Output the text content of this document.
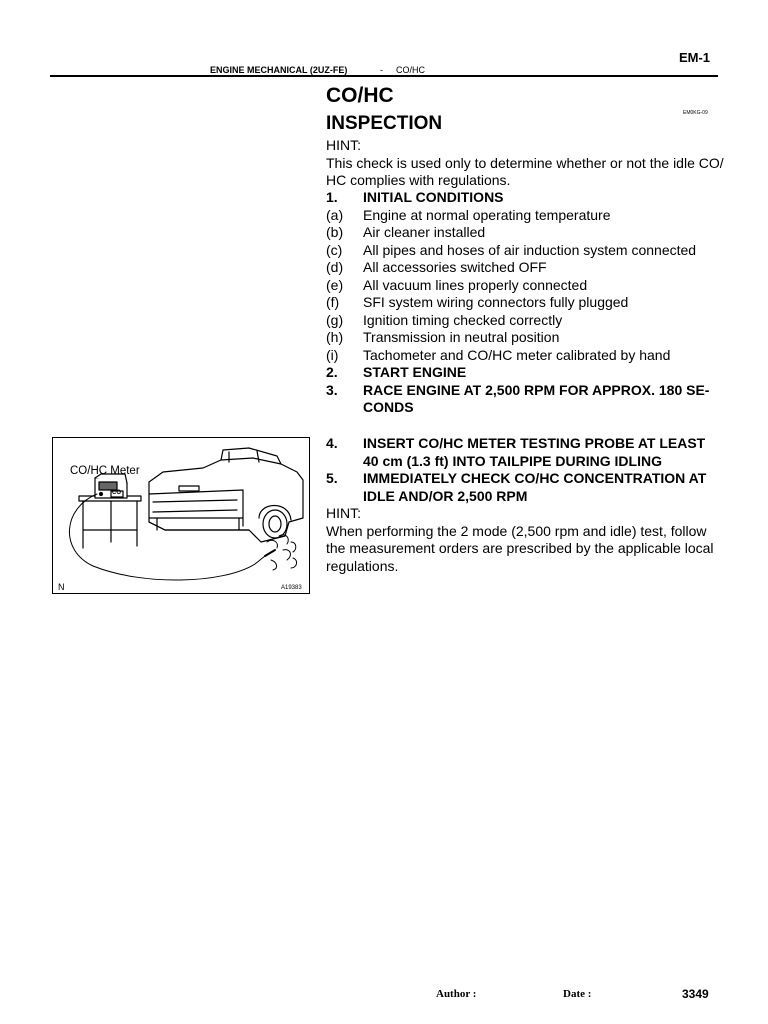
EM-1
ENGINE MECHANICAL (2UZ-FE)	- CO/HC
CO/HC
INSPECTION	EM0KG-09
HINT:
This check is used only to determine whether or not the idle CO/
HC complies with regulations.
1. INITIAL CONDITIONS
(a) Engine at normal operating temperature
(b) Air cleaner installed
(c) All pipes and hoses of air induction system connected
(d) All accessories switched OFF
(e) All vacuum lines properly connected
(f) SFI system wiring connectors fully plugged
(g) Ignition timing checked correctly
(h) Transmission in neutral position
(i) Tachometer and CO/HC meter calibrated by hand
2. START ENGINE
3. RACE ENGINE AT 2,500 RPM FOR APPROX. 180 SE-
CONDS
4. INSERT CO/HC METER TESTING PROBE AT LEAST
40 cm (1.3 ft) INTO TAILPIPE DURING IDLING
5. IMMEDIATELY CHECK CO/HC CONCENTRATION AT
IDLE AND/OR 2,500 RPM
HINT:
When performing the 2 mode (2,500 rpm and idle) test, follow
the measurement orders are prescribed by the applicable local
regulations.
CO
CO/HC Meter
N	A19383
Author :	Date :	3349
